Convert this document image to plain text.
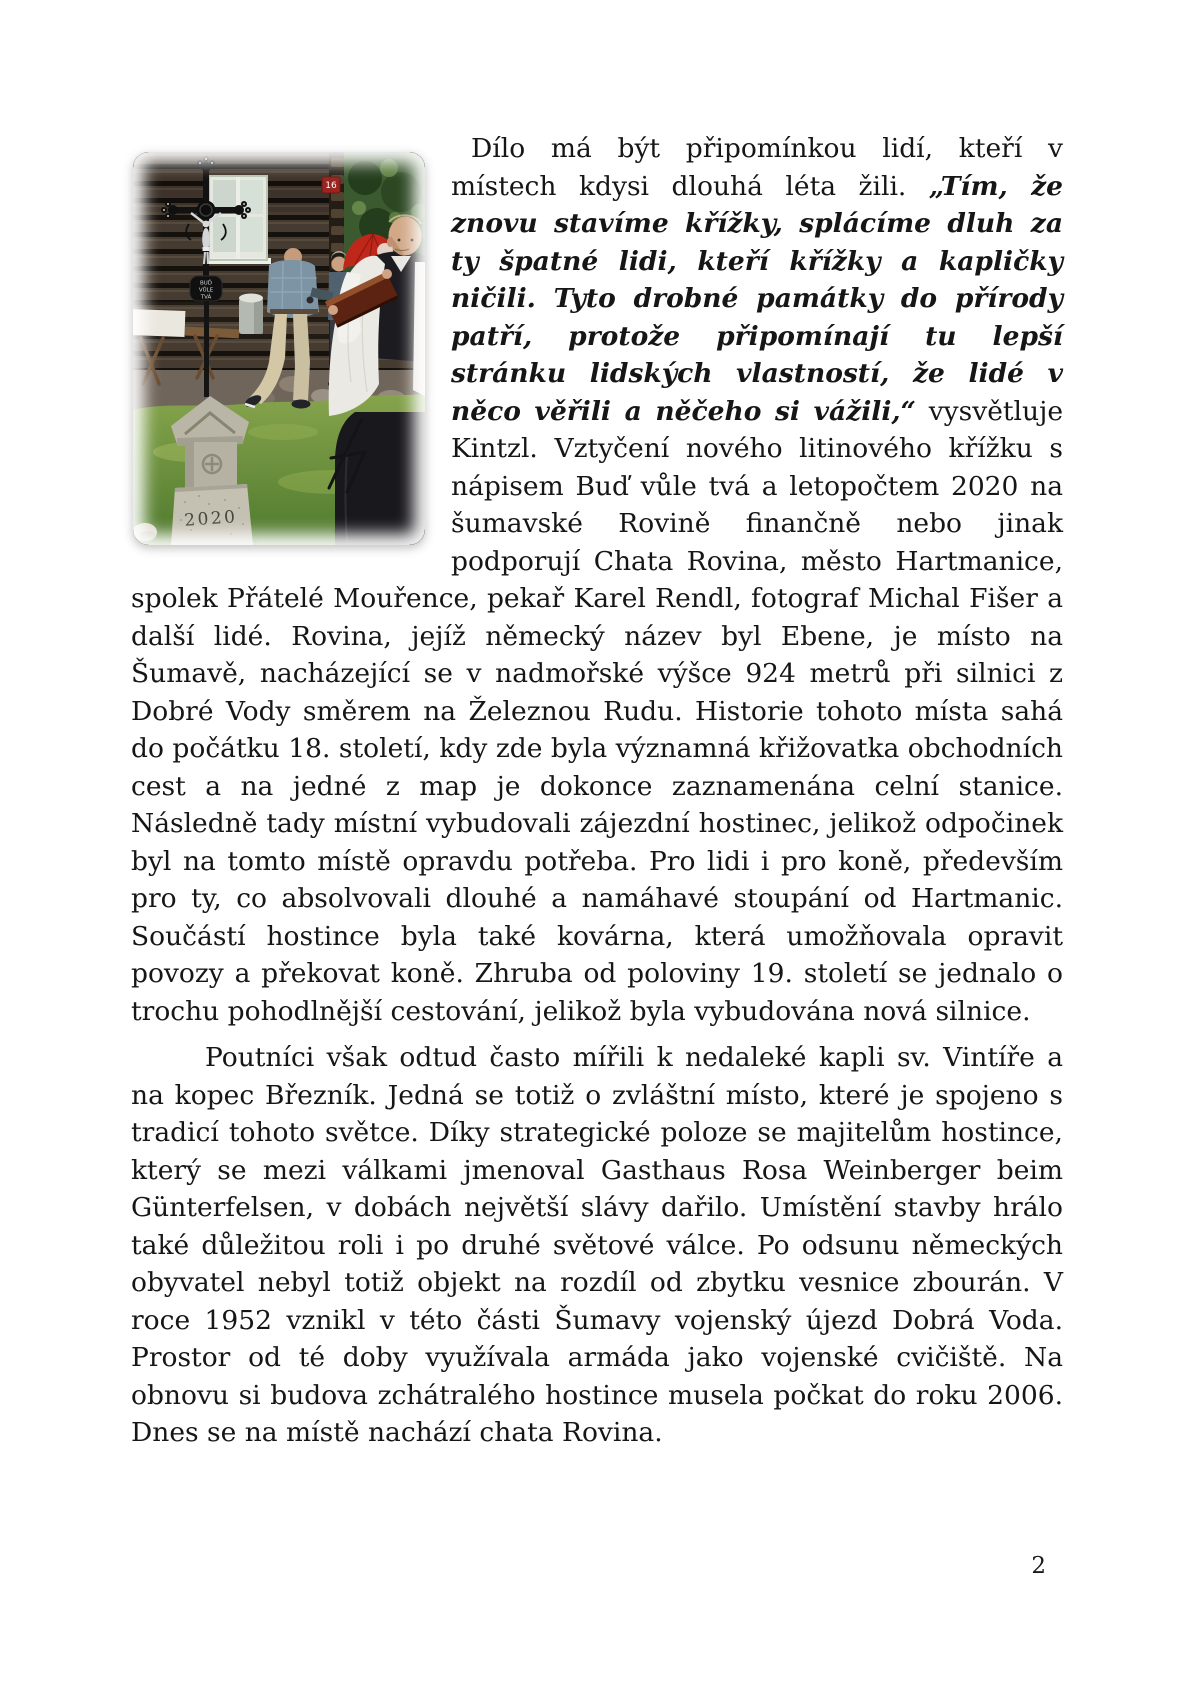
16
BUĎ
VŮLE
TVÁ
2020
Dílo má být připomínkou lidí, kteří v místech kdysi dlouhá léta žili. „Tím, že znovu stavíme křížky, splácíme dluh za ty špatné lidi, kteří křížky a kapličky ničili. Tyto drobné památky do přírody patří, protože připomínají tu lepší stránku lidských vlastností, že lidé v něco věřili a něčeho si vážili,“ vysvětluje Kintzl. Vztyčení nového litinového křížku s nápisem Buď vůle tvá a letopočtem 2020 na šumavské Rovině finančně nebo jinak podporují Chata Rovina, město Hartmanice, spolek Přátelé Mouřence, pekař Karel Rendl, fotograf Michal Fišer a další lidé. Rovina, jejíž německý název byl Ebene, je místo na Šumavě, nacházející se v nadmořské výšce 924 metrů při silnici z Dobré Vody směrem na Železnou Rudu. Historie tohoto místa sahá do počátku 18. století, kdy zde byla významná křižovatka obchodních cest a na jedné z map je dokonce zaznamenána celní stanice. Následně tady místní vybudovali zájezdní hostinec, jelikož odpočinek byl na tomto místě opravdu potřeba. Pro lidi i pro koně, především pro ty, co absolvovali dlouhé a namáhavé stoupání od Hartmanic. Součástí hostince byla také kovárna, která umožňovala opravit povozy a překovat koně. Zhruba od poloviny 19. století se jednalo o trochu pohodlnější cestování, jelikož byla vybudována nová silnice.

Poutníci však odtud často mířili k nedaleké kapli sv. Vintíře a na kopec Březník. Jedná se totiž o zvláštní místo, které je spojeno s tradicí tohoto světce. Díky strategické poloze se majitelům hostince, který se mezi válkami jmenoval Gasthaus Rosa Weinberger beim Günterfelsen, v dobách největší slávy dařilo. Umístění stavby hrálo také důležitou roli i po druhé světové válce. Po odsunu německých obyvatel nebyl totiž objekt na rozdíl od zbytku vesnice zbourán. V roce 1952 vznikl v této části Šumavy vojenský újezd Dobrá Voda. Prostor od té doby využívala armáda jako vojenské cvičiště. Na obnovu si budova zchátralého hostince musela počkat do roku 2006. Dnes se na místě nachází chata Rovina.

2
